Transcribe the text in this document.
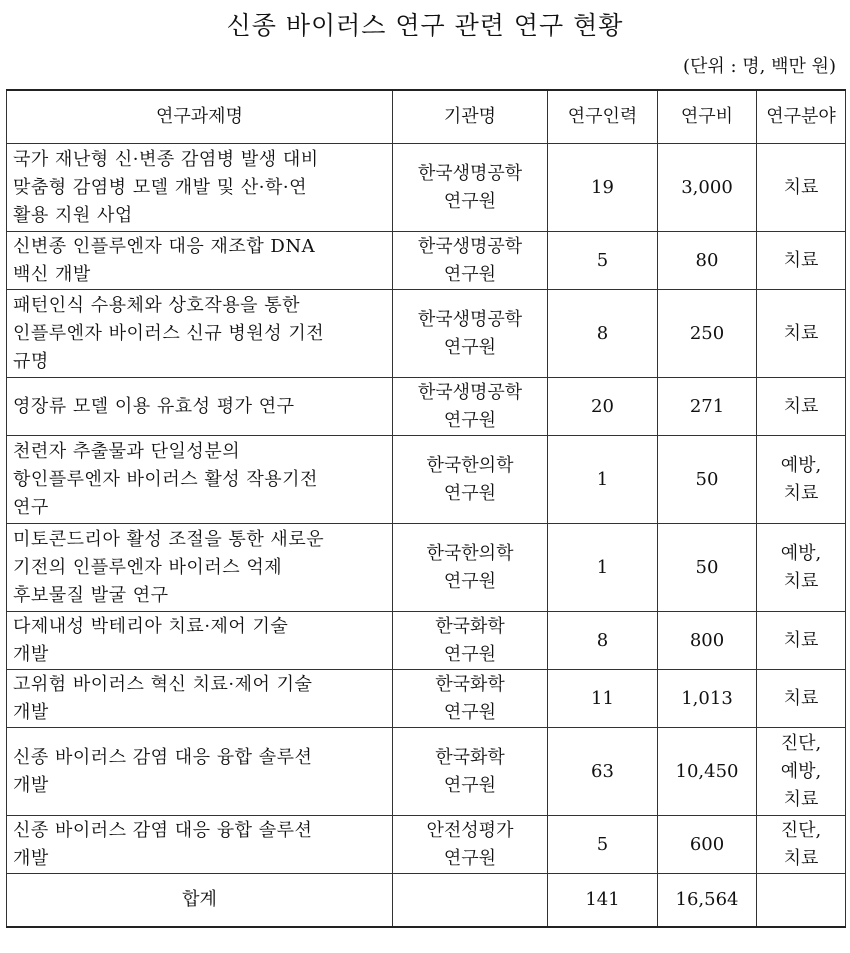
신종 바이러스 연구 관련 연구 현황
(단위 : 명, 백만 원)
연구과제명	기관명	연구인력	연구비	연구분야

국가 재난형 신·변종 감염병 발생 대비
맞춤형 감염병 모델 개발 및 산·학·연
활용 지원 사업	한국생명공학
연구원	19	3,000	치료

신변종 인플루엔자 대응 재조합 DNA
백신 개발	한국생명공학
연구원	5	80	치료

패턴인식 수용체와 상호작용을 통한
인플루엔자 바이러스 신규 병원성 기전
규명	한국생명공학
연구원	8	250	치료

영장류 모델 이용 유효성 평가 연구	한국생명공학
연구원	20	271	치료

천련자 추출물과 단일성분의
항인플루엔자 바이러스 활성 작용기전
연구	한국한의학
연구원	1	50	예방,
치료

미토콘드리아 활성 조절을 통한 새로운
기전의 인플루엔자 바이러스 억제
후보물질 발굴 연구	한국한의학
연구원	1	50	예방,
치료

다제내성 박테리아 치료·제어 기술
개발	한국화학
연구원	8	800	치료

고위험 바이러스 혁신 치료·제어 기술
개발	한국화학
연구원	11	1,013	치료

신종 바이러스 감염 대응 융합 솔루션
개발	한국화학
연구원	63	10,450	진단,
예방,
치료

신종 바이러스 감염 대응 융합 솔루션
개발	안전성평가
연구원	5	600	진단,
치료

합계		141	16,564	
